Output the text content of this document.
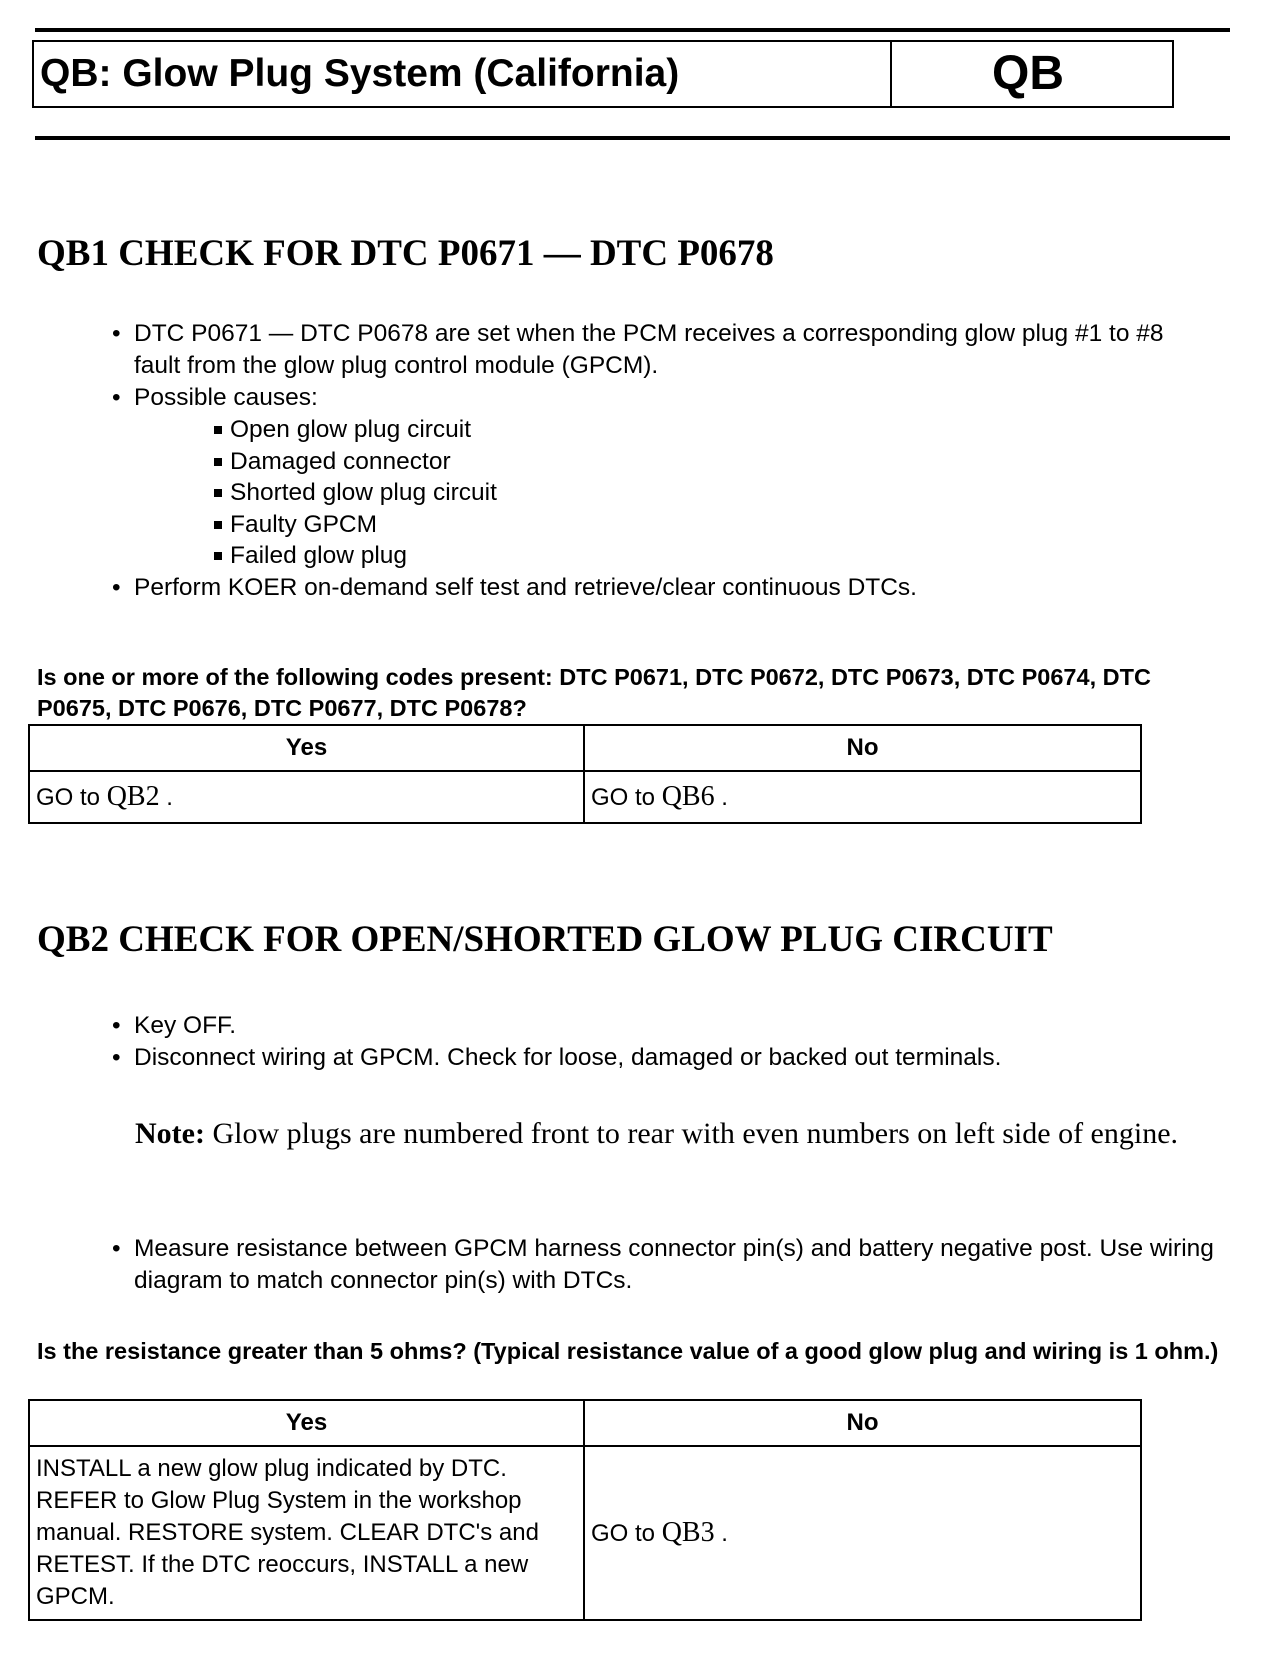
QB: Glow Plug System (California)	QB
QB1 CHECK FOR DTC P0671 — DTC P0678
• DTC P0671 — DTC P0678 are set when the PCM receives a corresponding glow plug #1 to #8 fault from the glow plug control module (GPCM).
• Possible causes:
Open glow plug circuit
Damaged connector
Shorted glow plug circuit
Faulty GPCM
Failed glow plug
• Perform KOER on-demand self test and retrieve/clear continuous DTCs.

Is one or more of the following codes present: DTC P0671, DTC P0672, DTC P0673, DTC P0674, DTC P0675, DTC P0676, DTC P0677, DTC P0678?

Yes	No
GO to QB2 .	GO to QB6 .
QB2 CHECK FOR OPEN/SHORTED GLOW PLUG CIRCUIT
• Key OFF.
• Disconnect wiring at GPCM. Check for loose, damaged or backed out terminals.

Note: Glow plugs are numbered front to rear with even numbers on left side of engine.

• Measure resistance between GPCM harness connector pin(s) and battery negative post. Use wiring diagram to match connector pin(s) with DTCs.

Is the resistance greater than 5 ohms? (Typical resistance value of a good glow plug and wiring is 1 ohm.)

Yes	No
INSTALL a new glow plug indicated by DTC. REFER to Glow Plug System in the workshop manual. RESTORE system. CLEAR DTC's and RETEST. If the DTC reoccurs, INSTALL a new GPCM.	GO to QB3 .
